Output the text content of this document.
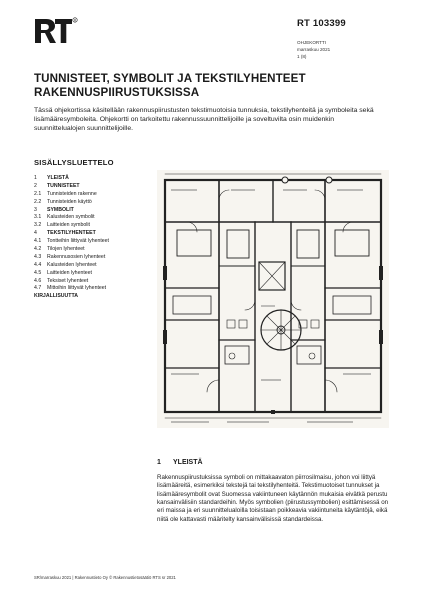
R	RT 103399
OHJEKORTTI
marraskuu 2021
1 (8)
TUNNISTEET, SYMBOLIT JA TEKSTILYHENTEET
RAKENNUSPIIRUSTUKSISSA
Tässä ohjekortissa käsitellään rakennuspiirustusten tekstimuotoisia tunnuksia, tekstilyhenteitä ja symboleita sekä lisämääresymboleita. Ohjekortti on tarkoitettu rakennussuunnittelijoille ja soveltuvilta osin muidenkin suunnittelualojen suunnittelijoille.
SISÄLLYSLUETTELO
1	YLEISTÄ
2	TUNNISTEET
2.1	Tunnisteiden rakenne
2.2	Tunnisteiden käyttö
3	SYMBOLIT
3.1	Kalusteiden symbolit
3.2	Laitteiden symbolit
4	TEKSTILYHENTEET
4.1	Tontteihin liittyvät lyhenteet
4.2	Tilojen lyhenteet
4.3	Rakennusosien lyhenteet
4.4	Kalusteiden lyhenteet
4.5	Laitteiden lyhenteet
4.6	Teksiset lyhenteet
4.7	Mittoihin liittyvät lyhenteet
KIRJALLISUUTTA
1 YLEISTÄ
Rakennuspiirustuksissa symboli on mittakaavaton piirrosilmaisu, johon voi liittyä lisämääreitä, esimerkiksi tekstejä tai tekstilyhenteitä. Tekstimuotoiset tunnukset ja lisämääresymbolit ovat Suomessa vakiintuneen käytännön mukaisia eivätkä perustu kansainvälisiin standardeihin. Myös symbolien (piirustussymbolien) esittämisessä on eri maissa ja eri suunnittelualoilla toisistaan poikkeavia vakiintuneita käytäntöjä, eikä niitä ole kattavasti määritelty kansainvälisissä standardeissa.
SR/marraskuu 2021 | Rakennustieto Oy © Rakennustietosäätiö RTS sr 2021
